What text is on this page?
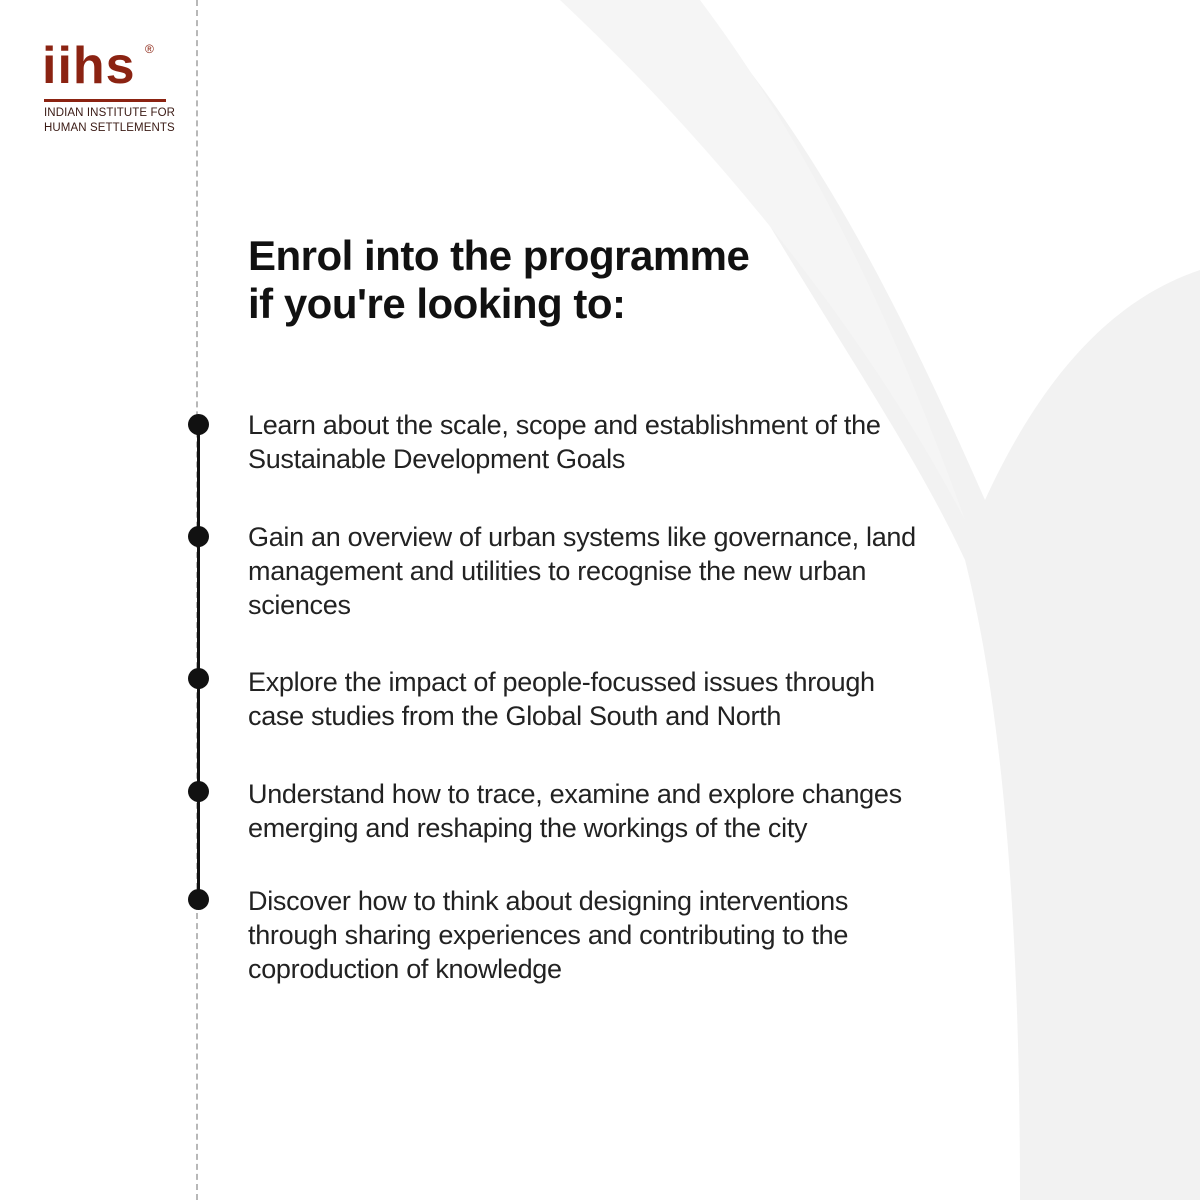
iihs ®
INDIAN INSTITUTE FOR
HUMAN SETTLEMENTS
Enrol into the programme
if you're looking to:
Learn about the scale, scope and establishment of the
Sustainable Development Goals
Gain an overview of urban systems like governance, land
management and utilities to recognise the new urban
sciences
Explore the impact of people-focussed issues through
case studies from the Global South and North
Understand how to trace, examine and explore changes
emerging and reshaping the workings of the city
Discover how to think about designing interventions
through sharing experiences and contributing to the
coproduction of knowledge
